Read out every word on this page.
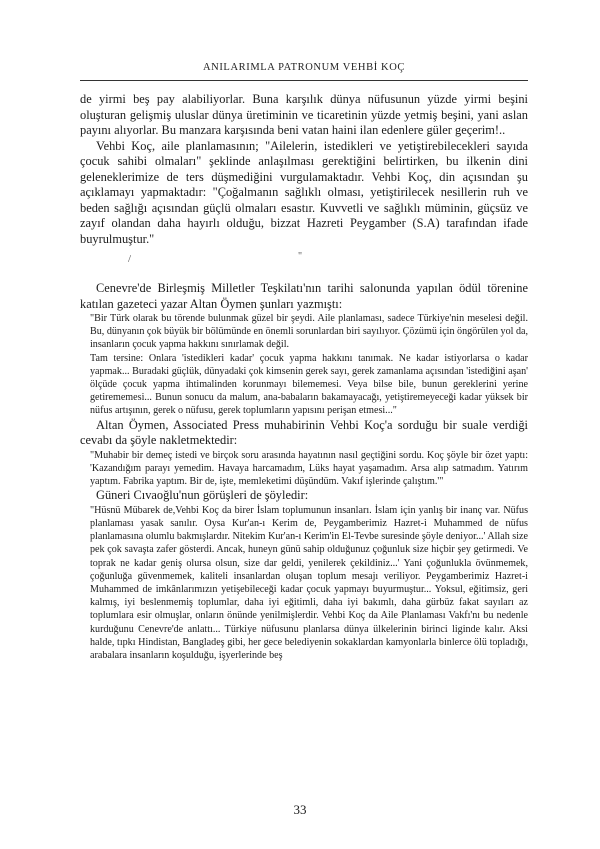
ANILARIMLA PATRONUM VEHBİ KOÇ

de yirmi beş pay alabiliyorlar. Buna karşılık dünya nüfusunun yüzde yirmi beşini oluşturan gelişmiş uluslar dünya üretiminin ve ticaretinin yüzde yetmiş beşini, yani aslan payını alıyorlar. Bu manzara karşısında beni vatan haini ilan edenlere güler geçerim!..

Vehbi Koç, aile planlamasının; "Ailelerin, istedikleri ve yetiştirebilecekleri sayıda çocuk sahibi olmaları" şeklinde anlaşılması gerektiğini belirtirken, bu ilkenin dini geleneklerimize de ters düşmediğini vurgulamaktadır. Vehbi Koç, din açısından şu açıklamayı yapmaktadır: "Çoğalmanın sağlıklı olması, yetiştirilecek nesillerin ruh ve beden sağlığı açısından güçlü olmaları esastır. Kuvvetli ve sağlıklı müminin, güçsüz ve zayıf olandan daha hayırlı olduğu, bizzat Hazreti Peygamber (S.A) tarafından ifade buyrulmuştur."

/	"

Cenevre'de Birleşmiş Milletler Teşkilatı'nın tarihi salonunda yapılan ödül törenine katılan gazeteci yazar Altan Öymen şunları yazmıştı:

"Bir Türk olarak bu törende bulunmak güzel bir şeydi. Aile planlaması, sadece Türkiye'nin meselesi değil. Bu, dünyanın çok büyük bir bölümünde en önemli sorunlardan biri sayılıyor. Çözümü için öngörülen yol da, insanların çocuk yapma hakkını sınırlamak değil.

Tam tersine: Onlara 'istedikleri kadar' çocuk yapma hakkını tanımak. Ne kadar istiyorlarsa o kadar yapmak... Buradaki güçlük, dünyadaki çok kimsenin gerek sayı, gerek zamanlama açısından 'istediğini aşan' ölçüde çocuk yapma ihtimalinden korunmayı bilememesi. Veya bilse bile, bunun gereklerini yerine getirememesi... Bunun sonucu da malum, ana-babaların bakamayacağı, yetiştiremeyeceği kadar yüksek bir nüfus artışının, gerek o nüfusu, gerek toplumların yapısını perişan etmesi..."

Altan Öymen, Associated Press muhabirinin Vehbi Koç'a sorduğu bir suale verdiği cevabı da şöyle nakletmektedir:

"Muhabir bir demeç istedi ve birçok soru arasında hayatının nasıl geçtiğini sordu. Koç şöyle bir özet yaptı: 'Kazandığım parayı yemedim. Havaya harcamadım, Lüks hayat yaşamadım. Arsa alıp satmadım. Yatırım yaptım. Fabrika yaptım. Bir de, işte, memleketimi düşündüm. Vakıf işlerinde çalıştım.'"

Güneri Cıvaoğlu'nun görüşleri de şöyledir:

"Hüsnü Mübarek de,Vehbi Koç da birer İslam toplumunun insanları. İslam için yanlış bir inanç var. Nüfus planlaması yasak sanılır. Oysa Kur'an-ı Kerim de, Peygamberimiz Hazret-i Muhammed de nüfus planlamasına olumlu bakmışlardır. Nitekim Kur'an-ı Kerim'in El-Tevbe suresinde şöyle deniyor...' Allah size pek çok savaşta zafer gösterdi. Ancak, huneyn günü sahip olduğunuz çoğunluk size hiçbir şey getirmedi. Ve toprak ne kadar geniş olursa olsun, size dar geldi, yenilerek çekildiniz...' Yani çoğunlukla övünmemek, çoğunluğa güvenmemek, kaliteli insanlardan oluşan toplum mesajı veriliyor. Peygamberimiz Hazret-i Muhammed de imkânlarımızın yetişebileceği kadar çocuk yapmayı buyurmuştur... Yoksul, eğitimsiz, geri kalmış, iyi beslenmemiş toplumlar, daha iyi eğitimli, daha iyi bakımlı, daha gürbüz fakat sayıları az toplumlara esir olmuşlar, onların önünde yenilmişlerdir. Vehbi Koç da Aile Planlaması Vakfı'nı bu nedenle kurduğunu Cenevre'de anlattı... Türkiye nüfusunu planlarsa dünya ülkelerinin birinci liginde kalır. Aksi halde, tıpkı Hindistan, Bangladeş gibi, her gece belediyenin sokaklardan kamyonlarla binlerce ölü topladığı, arabalara insanların koşulduğu, işyerlerinde beş

33
